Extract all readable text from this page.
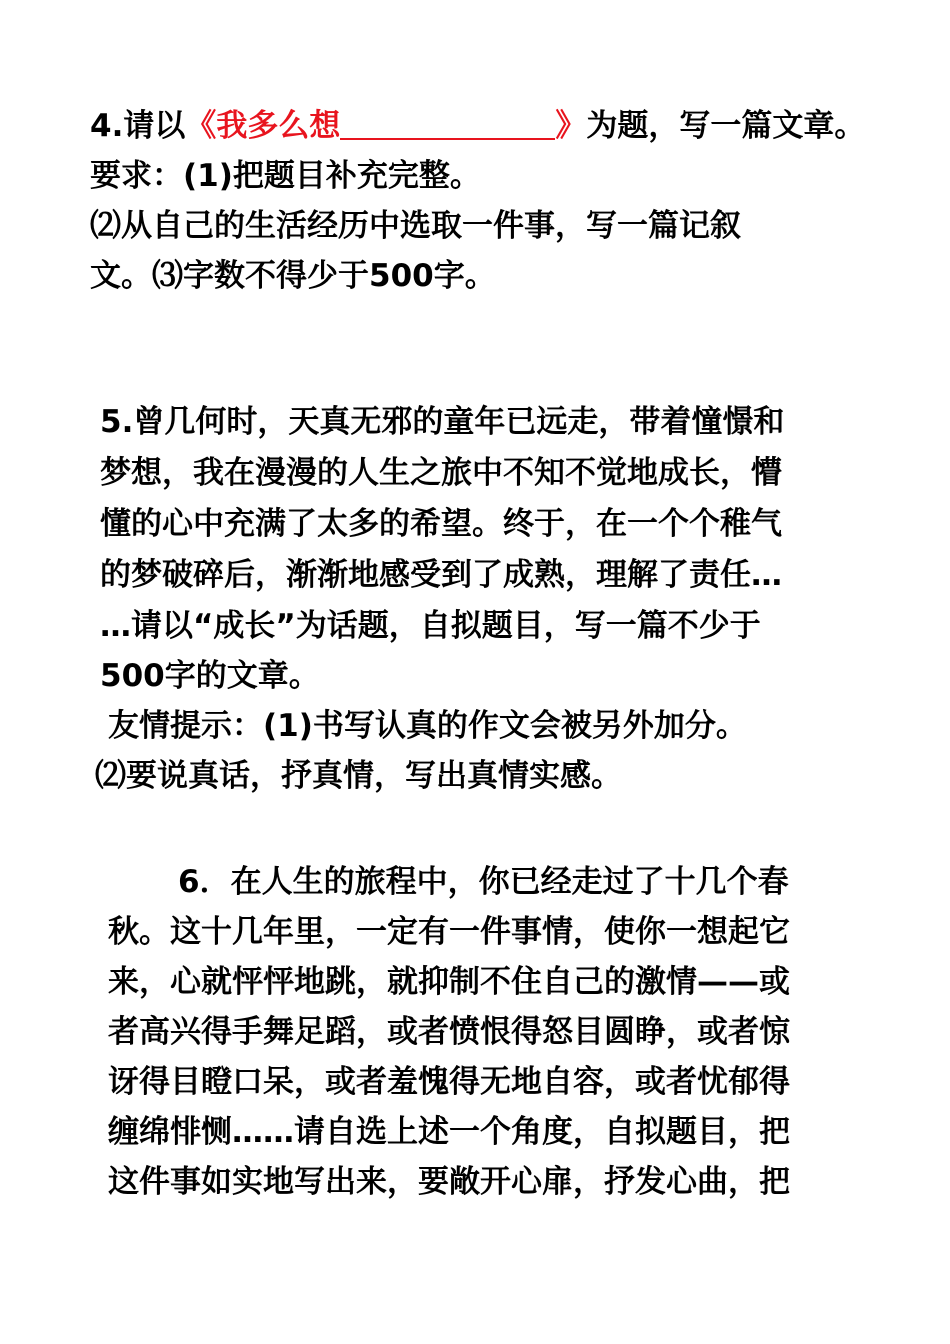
4.请以《我多么想	》为题，写一篇文章。

要求：(1)把题目补充完整。

⑵从自己的生活经历中选取一件事，写一篇记叙

文。⑶字数不得少于500字。

5.曾几何时，天真无邪的童年已远走，带着憧憬和

梦想，我在漫漫的人生之旅中不知不觉地成长，懵

懂的心中充满了太多的希望。终于，在一个个稚气

的梦破碎后，渐渐地感受到了成熟，理解了责任…

…请以“成长”为话题，自拟题目，写一篇不少于

500字的文章。

友情提示：(1)书写认真的作文会被另外加分。

⑵要说真话，抒真情，写出真情实感。

6．在人生的旅程中，你已经走过了十几个春

秋。这十几年里，一定有一件事情，使你一想起它

来，心就怦怦地跳，就抑制不住自己的激情——或

者高兴得手舞足蹈，或者愤恨得怒目圆睁，或者惊

讶得目瞪口呆，或者羞愧得无地自容，或者忧郁得

缠绵悱恻……请自选上述一个角度，自拟题目，把

这件事如实地写出来，要敞开心扉，抒发心曲，把
